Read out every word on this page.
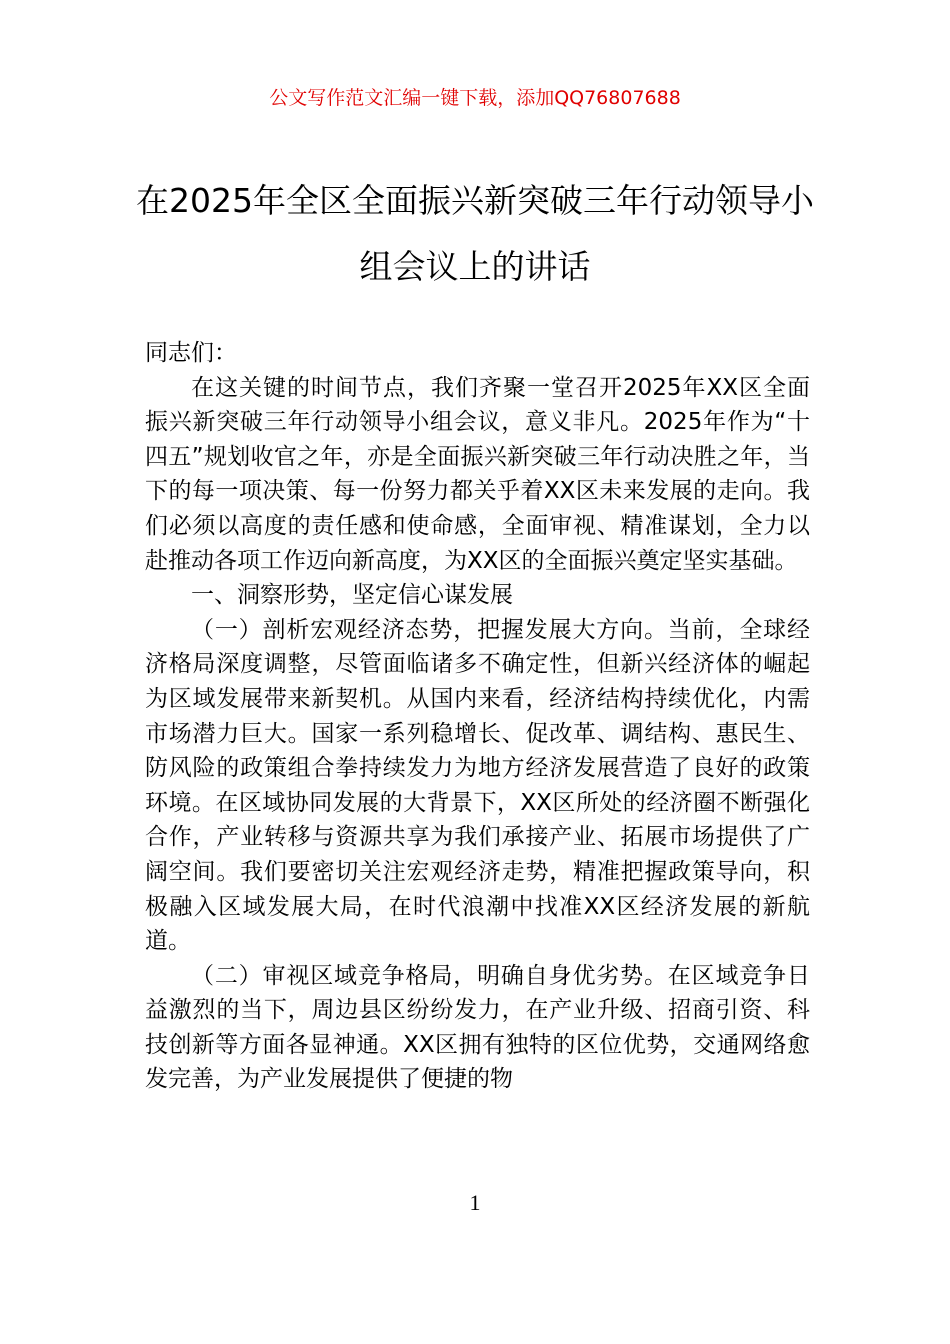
公文写作范文汇编一键下载，添加QQ76807688
在2025年全区全面振兴新突破三年行动领导小组会议上的讲话

同志们：

在这关键的时间节点，我们齐聚一堂召开2025年XX区全面振兴新突破三年行动领导小组会议，意义非凡。2025年作为“十四五”规划收官之年，亦是全面振兴新突破三年行动决胜之年，当下的每一项决策、每一份努力都关乎着XX区未来发展的走向。我们必须以高度的责任感和使命感，全面审视、精准谋划，全力以赴推动各项工作迈向新高度，为XX区的全面振兴奠定坚实基础。

一、洞察形势，坚定信心谋发展

（一）剖析宏观经济态势，把握发展大方向。当前，全球经济格局深度调整，尽管面临诸多不确定性，但新兴经济体的崛起为区域发展带来新契机。从国内来看，经济结构持续优化，内需市场潜力巨大。国家一系列稳增长、促改革、调结构、惠民生、防风险的政策组合拳持续发力为地方经济发展营造了良好的政策环境。在区域协同发展的大背景下，XX区所处的经济圈不断强化合作，产业转移与资源共享为我们承接产业、拓展市场提供了广阔空间。我们要密切关注宏观经济走势，精准把握政策导向，积极融入区域发展大局，在时代浪潮中找准XX区经济发展的新航道。

（二）审视区域竞争格局，明确自身优劣势。在区域竞争日益激烈的当下，周边县区纷纷发力，在产业升级、招商引资、科技创新等方面各显神通。XX区拥有独特的区位优势，交通网络愈发完善，为产业发展提供了便捷的物

1
